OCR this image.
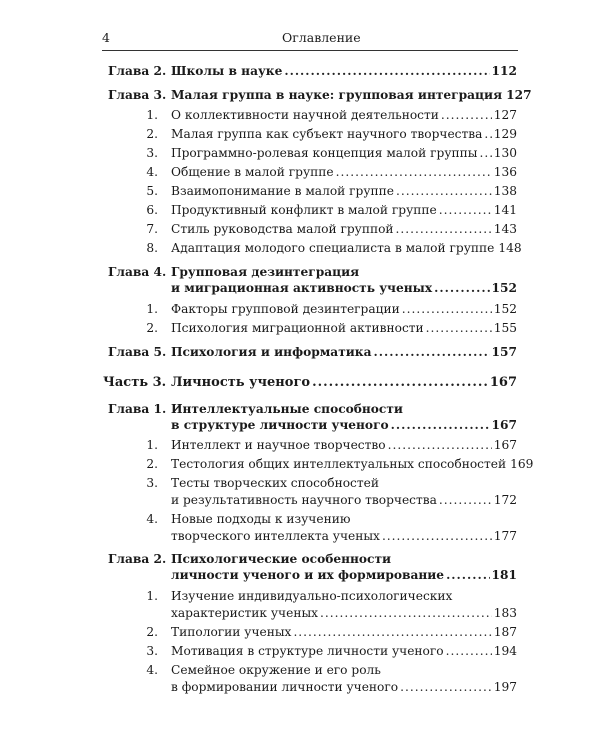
4	Оглавление
Глава 2. Школы в науке .....	112
Глава 3. Малая группа в науке: групповая интеграция 127
1. О коллективности научной деятельности .....	127
2. Малая группа как субъект научного творчества ..... 129
3. Программно-ролевая концепция малой группы ..... 130
4. Общение в малой группе .....	136
5. Взаимопонимание в малой группе .....	138
6. Продуктивный конфликт в малой группе .....	141
7. Стиль руководства малой группой .....	143
8. Адаптация молодого специалиста в малой группе 148
Глава 4. Групповая дезинтеграция
и миграционная активность ученых .....	152
1. Факторы групповой дезинтеграции .....	152
2. Психология миграционной активности .....	155
Глава 5. Психология и информатика .....	157
Часть 3. Личность ученого .....	167
Глава 1. Интеллектуальные способности
в структуре личности ученого .....	167
1. Интеллект и научное творчество .....	167
2. Тестология общих интеллектуальных способностей 169
3. Тесты творческих способностей
и результативность научного творчества .....	172
4. Новые подходы к изучению
творческого интеллекта ученых .....	177
Глава 2. Психологические особенности
личности ученого и их формирование .....	181
1. Изучение индивидуально-психологических
характеристик ученых .....	183
2. Типологии ученых .....	187
3. Мотивация в структуре личности ученого .....	194
4. Семейное окружение и его роль
в формировании личности ученого .....	197
